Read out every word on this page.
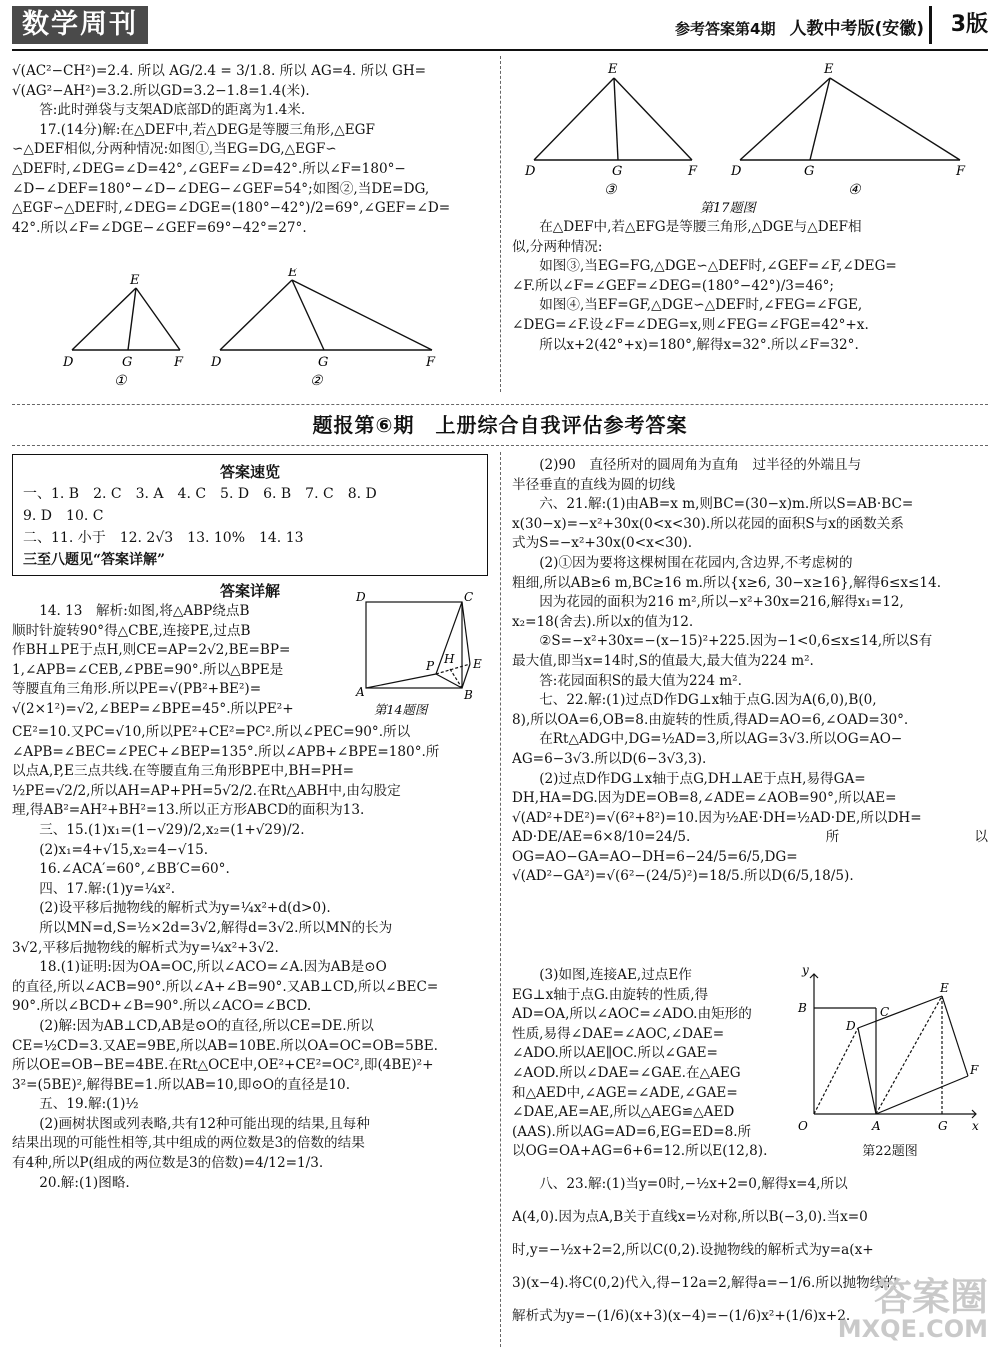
数学周刊	参考答案第4期 人教中考版(安徽)	3版

√(AC²−CH²)=2.4. 所以 AG/2.4 = 3/1.8. 所以 AG=4. 所以 GH=

√(AG²−AH²)=3.2.所以GD=3.2−1.8=1.4(米).

答:此时弹袋与支架AD底部D的距离为1.4米.

17.(14分)解:在△DEF中,若△DEG是等腰三角形,△EGF

∽△DEF相似,分两种情况:如图①,当EG=DG,△EGF∽

△DEF时,∠DEG=∠D=42°,∠GEF=∠D=42°.所以∠F=180°−

∠D−∠DEF=180°−∠D−∠DEG−∠GEF=54°;如图②,当DE=DG,

△EGF∽△DEF时,∠DEG=∠DGE=(180°−42°)/2=69°,∠GEF=∠D=

42°.所以∠F=∠DGE−∠GEF=69°−42°=27°.

E
D	G	F
E
D	G	F
①	②
E
D	G	F
E
D	G	F
③	④
第17题图

在△DEF中,若△EFG是等腰三角形,△DGE与△DEF相

似,分两种情况:

如图③,当EG=FG,△DGE∽△DEF时,∠GEF=∠F,∠DEG=

∠F.所以∠F=∠GEF=∠DEG=(180°−42°)/3=46°;

如图④,当EF=GF,△DGE∽△DEF时,∠FEG=∠FGE,

∠DEG=∠F.设∠F=∠DEG=x,则∠FEG=∠FGE=42°+x.

所以x+2(42°+x)=180°,解得x=32°.所以∠F=32°.

题报第⑥期　上册综合自我评估参考答案
答案速览

一、1. B　2. C　3. A　4. C　5. D　6. B　7. C　8. D

9. D　10. C

二、11. 小于　12. 2√3　13. 10%　14. 13

三至八题见“答案详解”

答案详解

14. 13　解析:如图,将△ABP绕点B

顺时针旋转90°得△CBE,连接PE,过点B

作BH⊥PE于点H,则CE=AP=2√2,BE=BP=

1,∠APB=∠CEB,∠PBE=90°.所以△BPE是

等腰直角三角形.所以PE=√(PB²+BE²)=

√(2×1²)=√2,∠BEP=∠BPE=45°.所以PE²+

D	C
A	B
P H E
第14题图

CE²=10.又PC=√10,所以PE²+CE²=PC².所以∠PEC=90°.所以

∠APB=∠BEC=∠PEC+∠BEP=135°.所以∠APB+∠BPE=180°.所

以点A,P,E三点共线.在等腰直角三角形BPE中,BH=PH=

½PE=√2/2,所以AH=AP+PH=5√2/2.在Rt△ABH中,由勾股定

理,得AB²=AH²+BH²=13.所以正方形ABCD的面积为13.

三、15.(1)x₁=(1−√29)/2,x₂=(1+√29)/2.

(2)x₁=4+√15,x₂=4−√15.

16.∠ACA′=60°,∠BB′C=60°.

四、17.解:(1)y=¼x².

(2)设平移后抛物线的解析式为y=¼x²+d(d>0).

所以MN=d,S=½×2d=3√2,解得d=3√2.所以MN的长为

3√2,平移后抛物线的解析式为y=¼x²+3√2.

18.(1)证明:因为OA=OC,所以∠ACO=∠A.因为AB是⊙O

的直径,所以∠ACB=90°.所以∠A+∠B=90°.又AB⊥CD,所以∠BEC=

90°.所以∠BCD+∠B=90°.所以∠ACO=∠BCD.

(2)解:因为AB⊥CD,AB是⊙O的直径,所以CE=DE.所以

CE=½CD=3.又AE=9BE,所以AB=10BE.所以OA=OC=OB=5BE.

所以OE=OB−BE=4BE.在Rt△OCE中,OE²+CE²=OC²,即(4BE)²+

3²=(5BE)²,解得BE=1.所以AB=10,即⊙O的直径是10.

五、19.解:(1)½

(2)画树状图或列表略,共有12种可能出现的结果,且每种

结果出现的可能性相等,其中组成的两位数是3的倍数的结果

有4种,所以P(组成的两位数是3的倍数)=4/12=1/3.

20.解:(1)图略.

(2)90　直径所对的圆周角为直角　过半径的外端且与

半径垂直的直线为圆的切线

六、21.解:(1)由AB=x m,则BC=(30−x)m.所以S=AB·BC=

x(30−x)=−x²+30x(0<x<30).所以花园的面积S与x的函数关系

式为S=−x²+30x(0<x<30).

(2)①因为要将这棵树围在花园内,含边界,不考虑树的

粗细,所以AB≥6 m,BC≥16 m.所以{x≥6, 30−x≥16},解得6≤x≤14.

因为花园的面积为216 m²,所以−x²+30x=216,解得x₁=12,

x₂=18(舍去).所以x的值为12.

②S=−x²+30x=−(x−15)²+225.因为−1<0,6≤x≤14,所以S有

最大值,即当x=14时,S的值最大,最大值为224 m².

答:花园面积S的最大值为224 m².

七、22.解:(1)过点D作DG⊥x轴于点G.因为A(6,0),B(0,

8),所以OA=6,OB=8.由旋转的性质,得AD=AO=6,∠OAD=30°.

在Rt△ADG中,DG=½AD=3,所以AG=3√3.所以OG=AO−

AG=6−3√3.所以D(6−3√3,3).

(2)过点D作DG⊥x轴于点G,DH⊥AE于点H,易得GA=

DH,HA=DG.因为DE=OB=8,∠ADE=∠AOB=90°,所以AE=

√(AD²+DE²)=√(6²+8²)=10.因为½AE·DH=½AD·DE,所以DH=

AD·DE/AE=6×8/10=24/5.所以OG=AO−GA=AO−DH=6−24/5=6/5,DG=

√(AD²−GA²)=√(6²−(24/5)²)=18/5.所以D(6/5,18/5).

(3)如图,连接AE,过点E作

EG⊥x轴于点G.由旋转的性质,得

AD=OA,所以∠AOC=∠ADO.由矩形的

性质,易得∠DAE=∠AOC,∠DAE=

∠ADO.所以AE∥OC.所以∠GAE=

∠AOD.所以∠DAE=∠GAE.在△AEG

和△AED中,∠AGE=∠ADE,∠GAE=

∠DAE,AE=AE,所以△AEG≌△AED

(AAS).所以AG=AD=6,EG=ED=8.所

以OG=OA+AG=6+6=12.所以E(12,8).

y
B	C
D
E
F
O	A	G x
第22题图

八、23.解:(1)当y=0时,−½x+2=0,解得x=4,所以

A(4,0).因为点A,B关于直线x=½对称,所以B(−3,0).当x=0

时,y=−½x+2=2,所以C(0,2).设抛物线的解析式为y=a(x+

3)(x−4).将C(0,2)代入,得−12a=2,解得a=−1/6.所以抛物线的

解析式为y=−(1/6)(x+3)(x−4)=−(1/6)x²+(1/6)x+2. 答案圈
MXQE.COM
